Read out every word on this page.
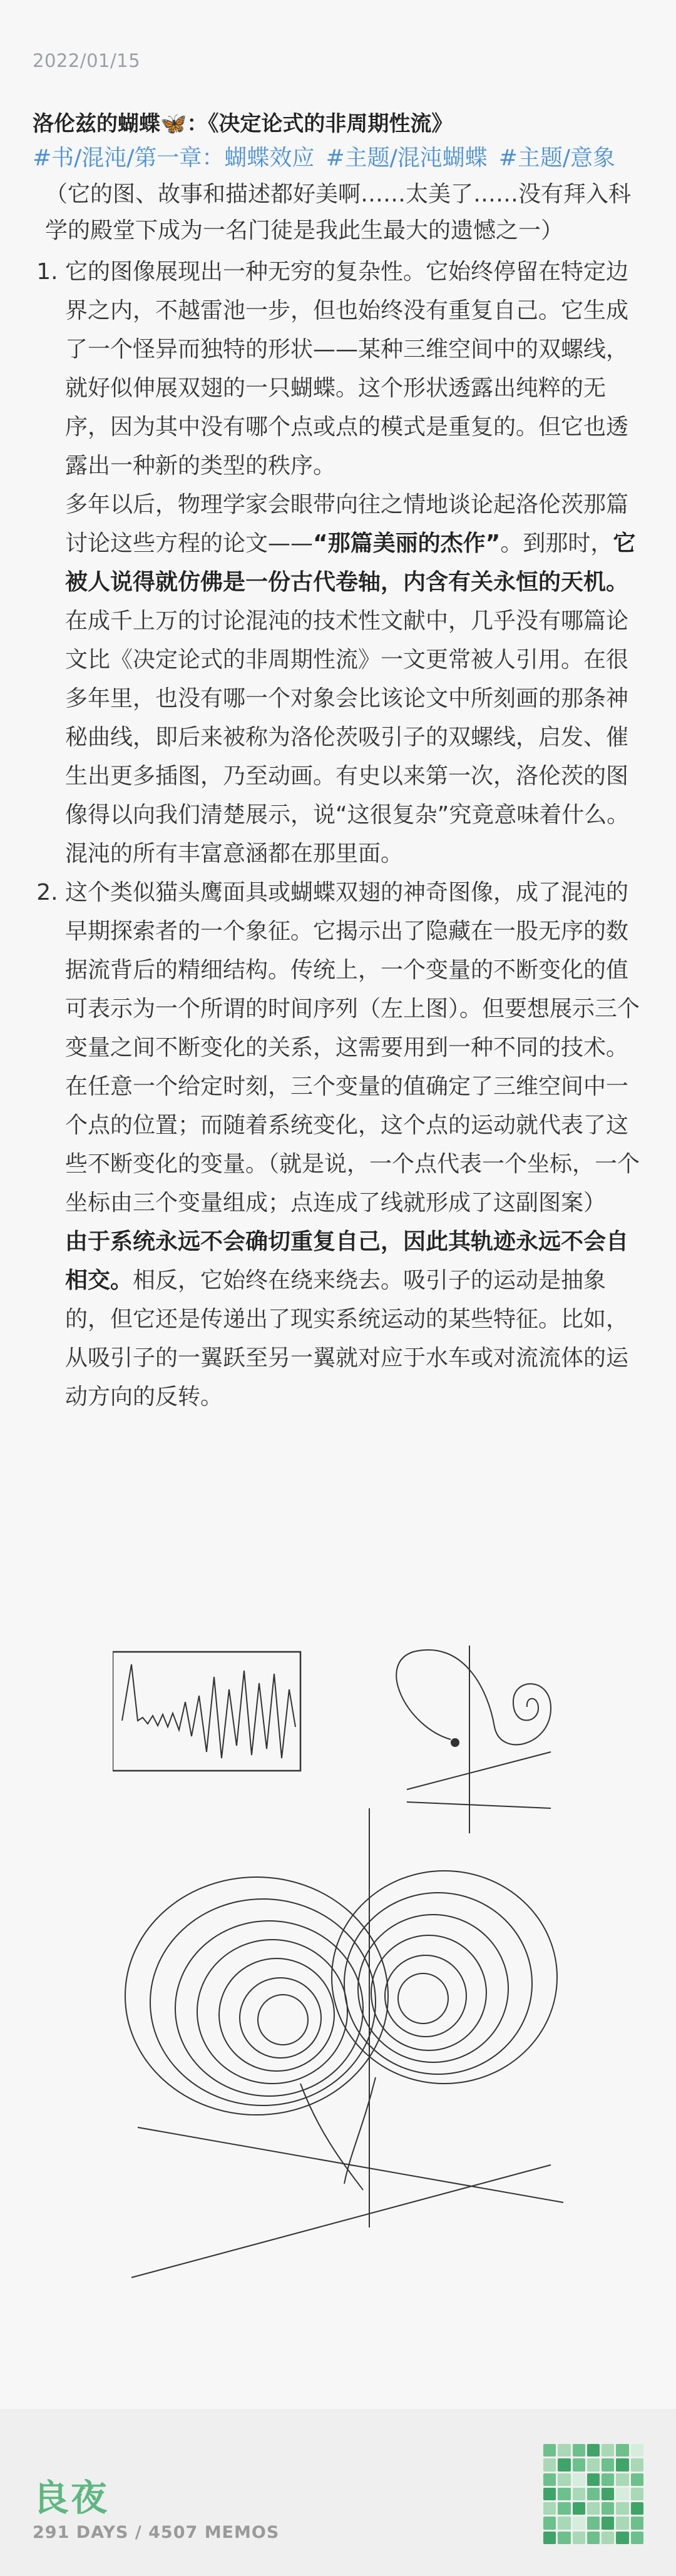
2022/01/15
洛伦兹的蝴蝶🦋：《决定论式的非周期性流》
#书/混沌/第一章：蝴蝶效应 #主题/混沌蝴蝶 #主题/意象
（它的图、故事和描述都好美啊……太美了……没有拜入科学的殿堂下成为一名门徒是我此生最大的遗憾之一）

1. 它的图像展现出一种无穷的复杂性。它始终停留在特定边界之内，不越雷池一步，但也始终没有重复自己。它生成了一个怪异而独特的形状——某种三维空间中的双螺线，就好似伸展双翅的一只蝴蝶。这个形状透露出纯粹的无序，因为其中没有哪个点或点的模式是重复的。但它也透露出一种新的类型的秩序。

多年以后，物理学家会眼带向往之情地谈论起洛伦茨那篇讨论这些方程的论文——“那篇美丽的杰作”。到那时，它被人说得就仿佛是一份古代卷轴，内含有关永恒的天机。

在成千上万的讨论混沌的技术性文献中，几乎没有哪篇论文比《决定论式的非周期性流》一文更常被人引用。在很多年里，也没有哪一个对象会比该论文中所刻画的那条神秘曲线，即后来被称为洛伦茨吸引子的双螺线，启发、催生出更多插图，乃至动画。有史以来第一次，洛伦茨的图像得以向我们清楚展示，说“这很复杂”究竟意味着什么。混沌的所有丰富意涵都在那里面。

2. 这个类似猫头鹰面具或蝴蝶双翅的神奇图像，成了混沌的早期探索者的一个象征。它揭示出了隐藏在一股无序的数据流背后的精细结构。传统上，一个变量的不断变化的值可表示为一个所谓的时间序列（左上图）。但要想展示三个变量之间不断变化的关系，这需要用到一种不同的技术。在任意一个给定时刻，三个变量的值确定了三维空间中一个点的位置；而随着系统变化，这个点的运动就代表了这些不断变化的变量。（就是说，一个点代表一个坐标，一个坐标由三个变量组成；点连成了线就形成了这副图案）

由于系统永远不会确切重复自己，因此其轨迹永远不会自相交。相反，它始终在绕来绕去。吸引子的运动是抽象的，但它还是传递出了现实系统运动的某些特征。比如，从吸引子的一翼跃至另一翼就对应于水车或对流流体的运动方向的反转。

良夜
291 DAYS / 4507 MEMOS
